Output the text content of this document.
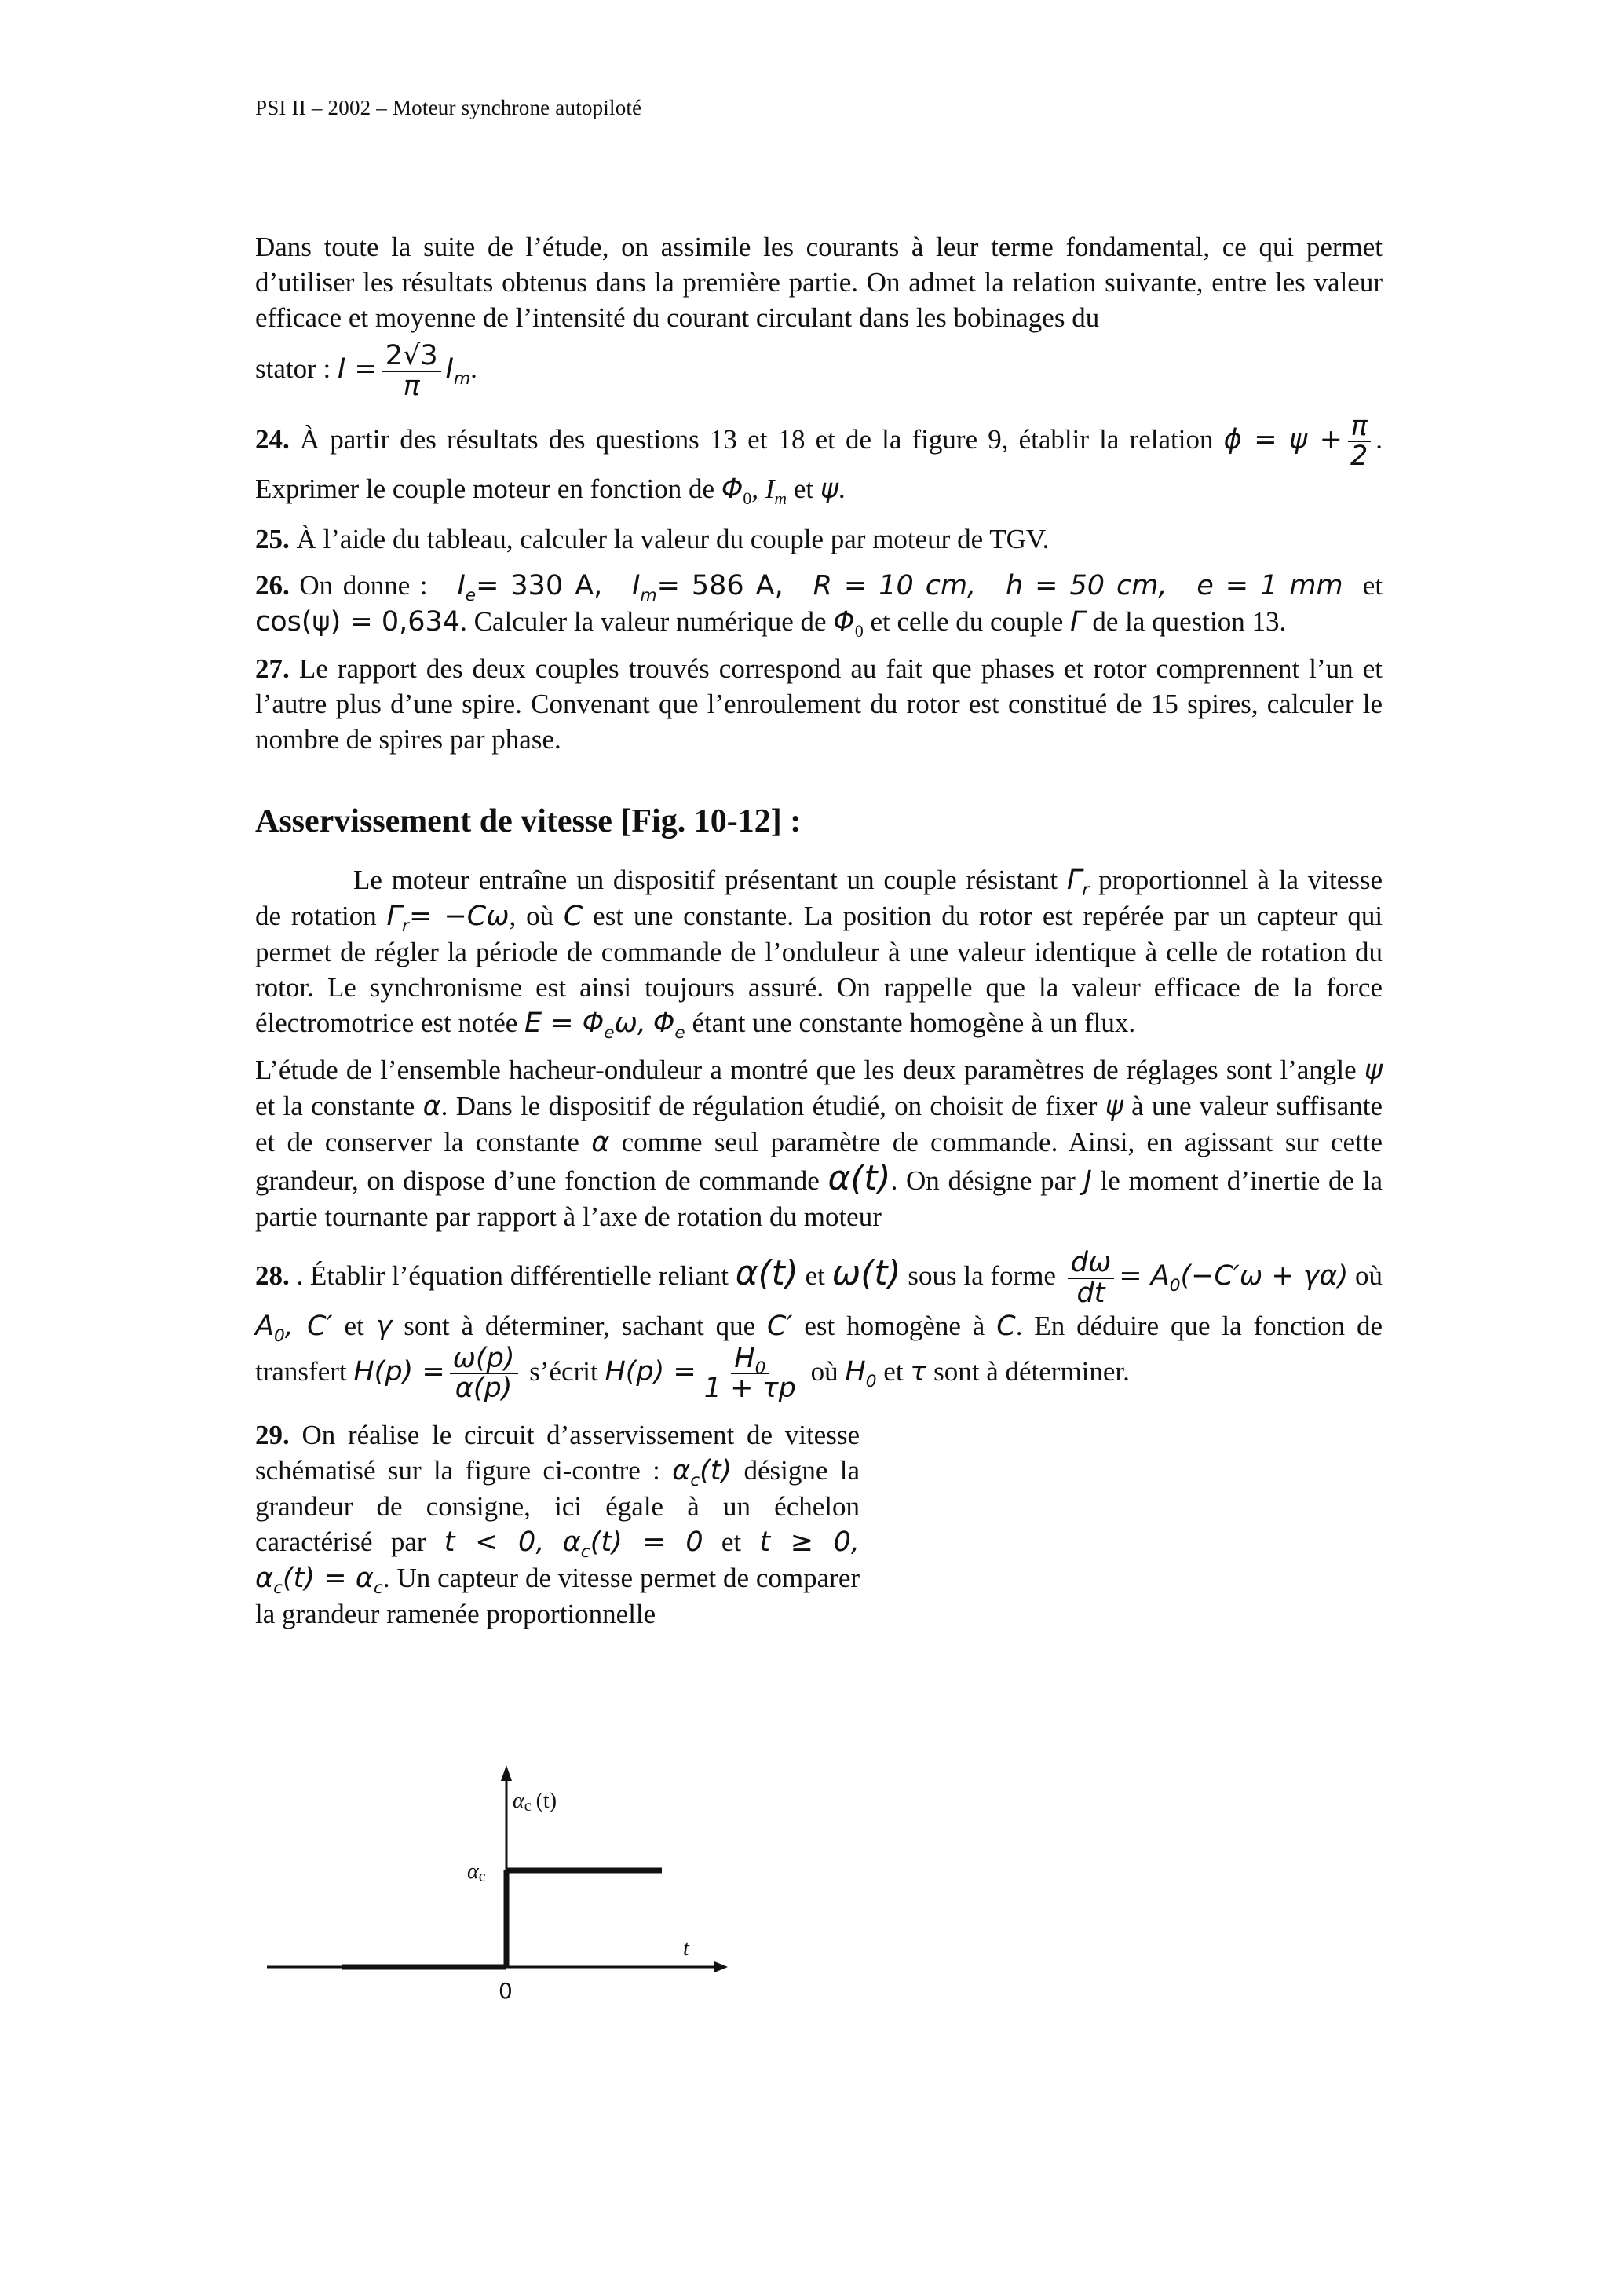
PSI II – 2002 – Moteur synchrone autopiloté

Dans toute la suite de l’étude, on assimile les courants à leur terme fondamental, ce qui permet d’utiliser les résultats obtenus dans la première partie. On admet la relation suivante, entre les valeur efficace et moyenne de l’intensité du courant circulant dans les bobinages du

stator : $I = \frac{2√3}{\pi} I_m$.

24. À partir des résultats des questions 13 et 18 et de la figure 9, établir la relation $\phi = \psi + \frac{\pi}{2}$ . Exprimer le couple moteur en fonction de $\Phi_0$, $I_m$ et ψ.

25. À l’aide du tableau, calculer la valeur du couple par moteur de TGV.

26. On donne : $I_e= 330$ A, $I_m= 586$ A, R = 10 cm, h = 50 cm, e = 1 mm et cos(ψ) = 0,634. Calculer la valeur numérique de $\Phi_0$ et celle du couple Γ de la question 13.

27. Le rapport des deux couples trouvés correspond au fait que phases et rotor comprennent l’un et l’autre plus d’une spire. Convenant que l’enroulement du rotor est constitué de 15 spires, calculer le nombre de spires par phase.

Asservissement de vitesse [Fig. 10-12] :

Le moteur entraîne un dispositif présentant un couple résistant $\Gamma_r$ proportionnel à la vitesse de rotation $\Gamma_r= -C\omega$, où C est une constante. La position du rotor est repérée par un capteur qui permet de régler la période de commande de l’onduleur à une valeur identique à celle de rotation du rotor. Le synchronisme est ainsi toujours assuré. On rappelle que la valeur efficace de la force électromotrice est notée $E = \Phi_e\omega$, $\Phi_e$ étant une constante homogène à un flux.

L’étude de l’ensemble hacheur-onduleur a montré que les deux paramètres de réglages sont l’angle ψ et la constante α. Dans le dispositif de régulation étudié, on choisit de fixer ψ à une valeur suffisante et de conserver la constante α comme seul paramètre de commande. Ainsi, en agissant sur cette grandeur, on dispose d’une fonction de commande α(t). On désigne par J le moment d’inertie de la partie tournante par rapport à l’axe de rotation du moteur

28. . Établir l’équation différentielle reliant α(t) et ω(t) sous la forme $\frac{d\omega}{dt} = A_0(-C'\omega + \gamma\alpha)$ où $A_0$, C′ et γ sont à déterminer, sachant que C′ est homogène à C. En déduire que la fonction de transfert $H(p) = \frac{\omega(p)}{\alpha(p)}$ s’écrit $H(p) = \frac{H_0}{1 + \tau p}$ où $H_0$ et τ sont à déterminer.

29. On réalise le circuit d’asservissement de vitesse schématisé sur la figure ci-contre : $\alpha_c(t)$ désigne la grandeur de consigne, ici égale à un échelon caractérisé par t < 0, $\alpha_c(t) = 0$ et t ≥ 0, $\alpha_c(t) = \alpha_c$. Un capteur de vitesse permet de comparer la grandeur ramenée proportionnelle

αc (t)
αc
t
0
